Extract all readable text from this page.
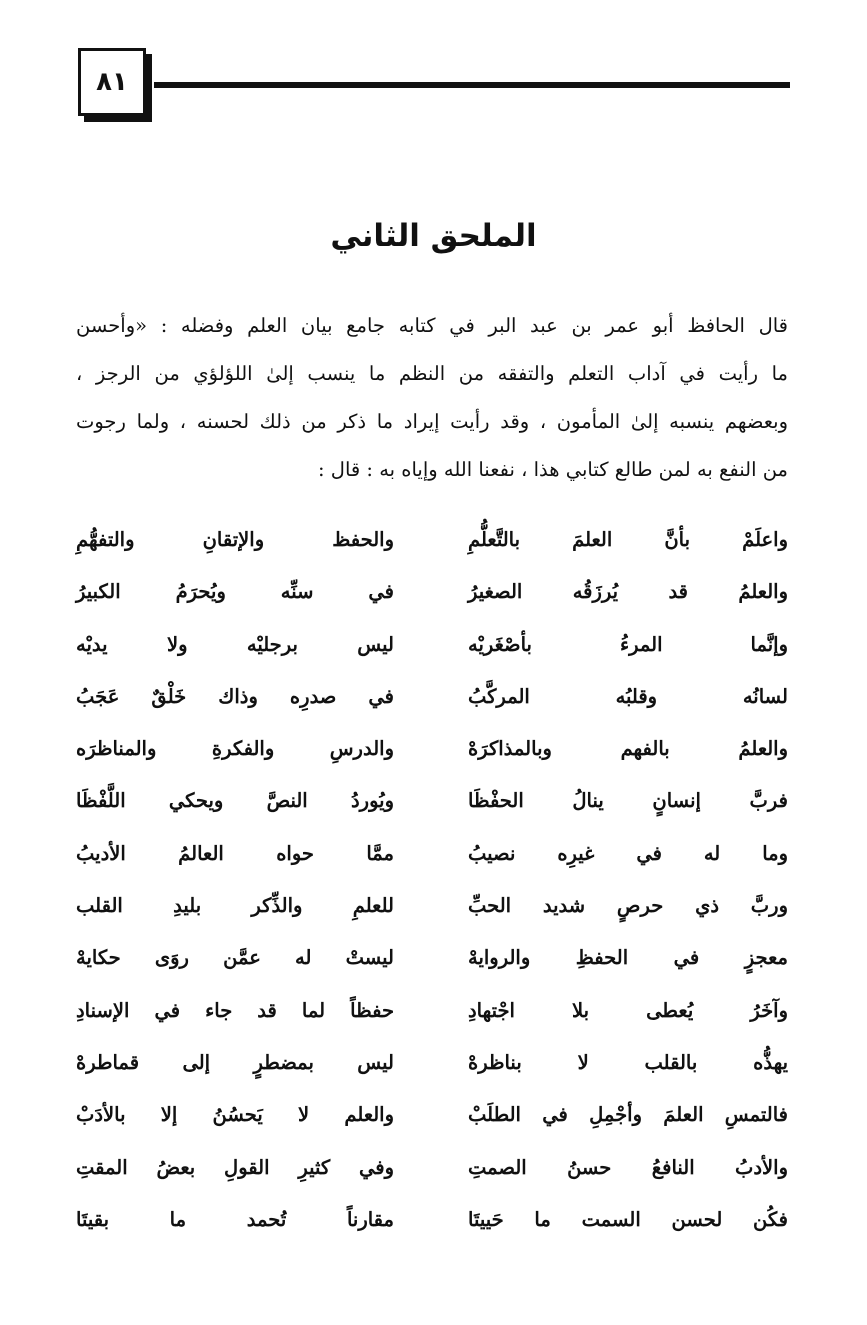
٨١
الملحق الثاني

قال الحافظ أبو عمر بن عبد البر في كتابه جامع بيان العلم وفضله : «وأحسن
ما رأيت في آداب التعلم والتفقه من النظم ما ينسب إلىٰ اللؤلؤي من الرجز ،
وبعضهم ينسبه إلىٰ المأمون ، وقد رأيت إيراد ما ذكر من ذلك لحسنه ، ولما رجوت
من النفع به لمن طالع كتابي هذا ، نفعنا الله وإياه به : قال :

واعلَمْ بأنَّ العلمَ بالتَّعلُّمِ
والحفظ والإتقانِ والتفهُّمِ
والعلمُ قد يُرزَقُه الصغيرُ
في سنِّه ويُحرَمُ الكبيرُ
وإنَّما المرءُ بأصْغَريْه
ليس برجليْه ولا يديْه
لسانُه وقلبُه المركَّبُ
في صدرِه وذاك خَلْقٌ عَجَبُ
والعلمُ بالفهم وبالمذاكرَهْ
والدرسِ والفكرةِ والمناظرَه
فربَّ إنسانٍ ينالُ الحفْظَا
ويُوردُ النصَّ ويحكي اللَّفْظَا
وما له في غيرِه نصيبُ
ممَّا حواه العالمُ الأديبُ
وربَّ ذي حرصٍ شديد الحبِّ
للعلمِ والذِّكر بليدِ القلب
معجزٍ في الحفظِ والروايهْ
ليستْ له عمَّن روَى حكايهْ
وآخَرُ يُعطى بلا اجْتهادِ
حفظاً لما قد جاء في الإسنادِ
يهذُّه بالقلب لا بناظرهْ
ليس بمضطرٍ إلى قماطرهْ
فالتمسِ العلمَ وأجْمِلِ في الطلَبْ
والعلم لا يَحسُنُ إلا بالأدَبْ
والأدبُ النافعُ حسنُ الصمتِ
وفي كثيرِ القولِ بعضُ المقتِ
فكُن لحسن السمت ما حَييتَا
مقارناً تُحمد ما بقيتَا
